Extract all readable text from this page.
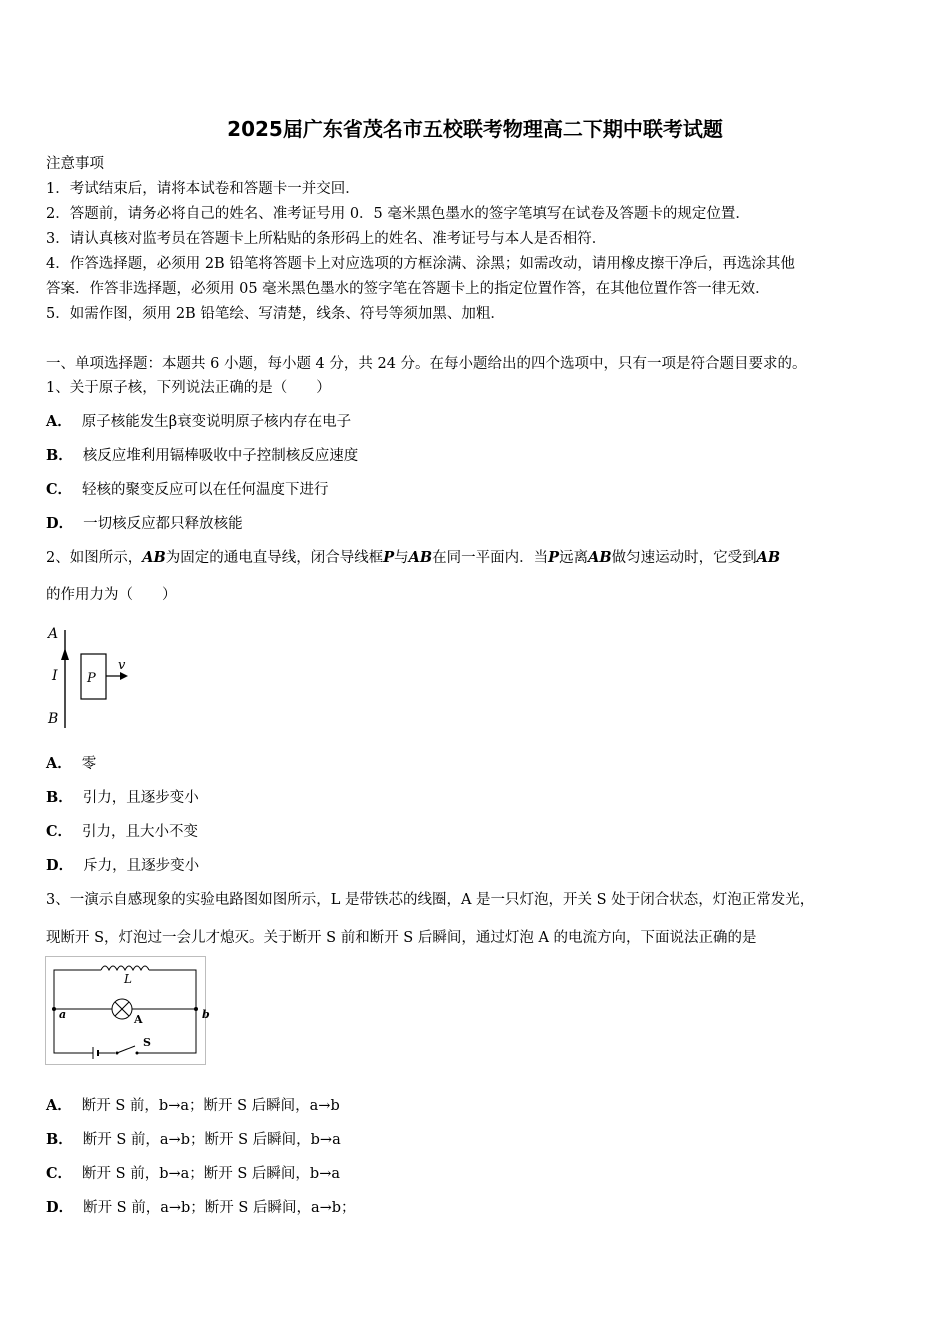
2025届广东省茂名市五校联考物理高二下期中联考试题
注意事项
1．考试结束后，请将本试卷和答题卡一并交回．
2．答题前，请务必将自己的姓名、准考证号用 0．5 毫米黑色墨水的签字笔填写在试卷及答题卡的规定位置．
3．请认真核对监考员在答题卡上所粘贴的条形码上的姓名、准考证号与本人是否相符．
4．作答选择题，必须用 2B 铅笔将答题卡上对应选项的方框涂满、涂黑；如需改动，请用橡皮擦干净后，再选涂其他
答案．作答非选择题，必须用 05 毫米黑色墨水的签字笔在答题卡上的指定位置作答，在其他位置作答一律无效．
5．如需作图，须用 2B 铅笔绘、写清楚，线条、符号等须加黑、加粗．
一、单项选择题：本题共 6 小题，每小题 4 分，共 24 分。在每小题给出的四个选项中，只有一项是符合题目要求的。
1、关于原子核，下列说法正确的是（　　）
A． 原子核能发生β衰变说明原子核内存在电子
B． 核反应堆利用镉棒吸收中子控制核反应速度
C． 轻核的聚变反应可以在任何温度下进行
D． 一切核反应都只释放核能
2、如图所示，AB为固定的通电直导线，闭合导线框P与AB在同一平面内．当P远离AB做匀速运动时，它受到AB
的作用力为（　　）
A
I
B
P
v
A． 零
B． 引力，且逐步变小
C． 引力，且大小不变
D． 斥力，且逐步变小
3、一演示自感现象的实验电路图如图所示，L 是带铁芯的线圈，A 是一只灯泡，开关 S 处于闭合状态，灯泡正常发光，
现断开 S，灯泡过一会儿才熄灭。关于断开 S 前和断开 S 后瞬间，通过灯泡 A 的电流方向，下面说法正确的是
L
A
a	b
S
A． 断开 S 前，b→a；断开 S 后瞬间，a→b
B． 断开 S 前，a→b；断开 S 后瞬间，b→a
C． 断开 S 前，b→a；断开 S 后瞬间，b→a
D． 断开 S 前，a→b；断开 S 后瞬间，a→b；
